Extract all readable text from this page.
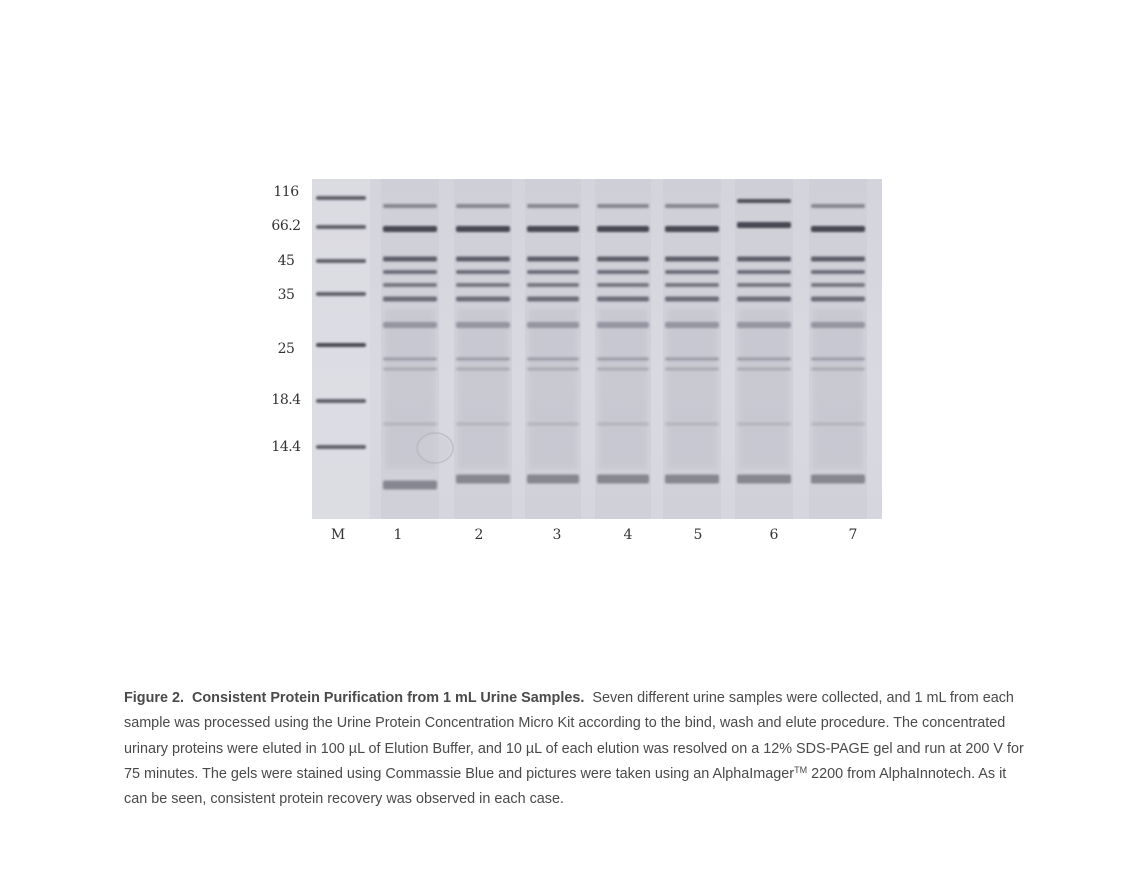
116
66.2
45
35
25
18.4
14.4
M	1	2	3	4	5	6	7
Figure 2. Consistent Protein Purification from 1 mL Urine Samples. Seven different urine samples were collected, and 1 mL from each sample was processed using the Urine Protein Concentration Micro Kit according to the bind, wash and elute procedure. The concentrated urinary proteins were eluted in 100 µL of Elution Buffer, and 10 µL of each elution was resolved on a 12% SDS-PAGE gel and run at 200 V for 75 minutes. The gels were stained using Commassie Blue and pictures were taken using an AlphaImager™ 2200 from AlphaInnotech. As it can be seen, consistent protein recovery was observed in each case.
